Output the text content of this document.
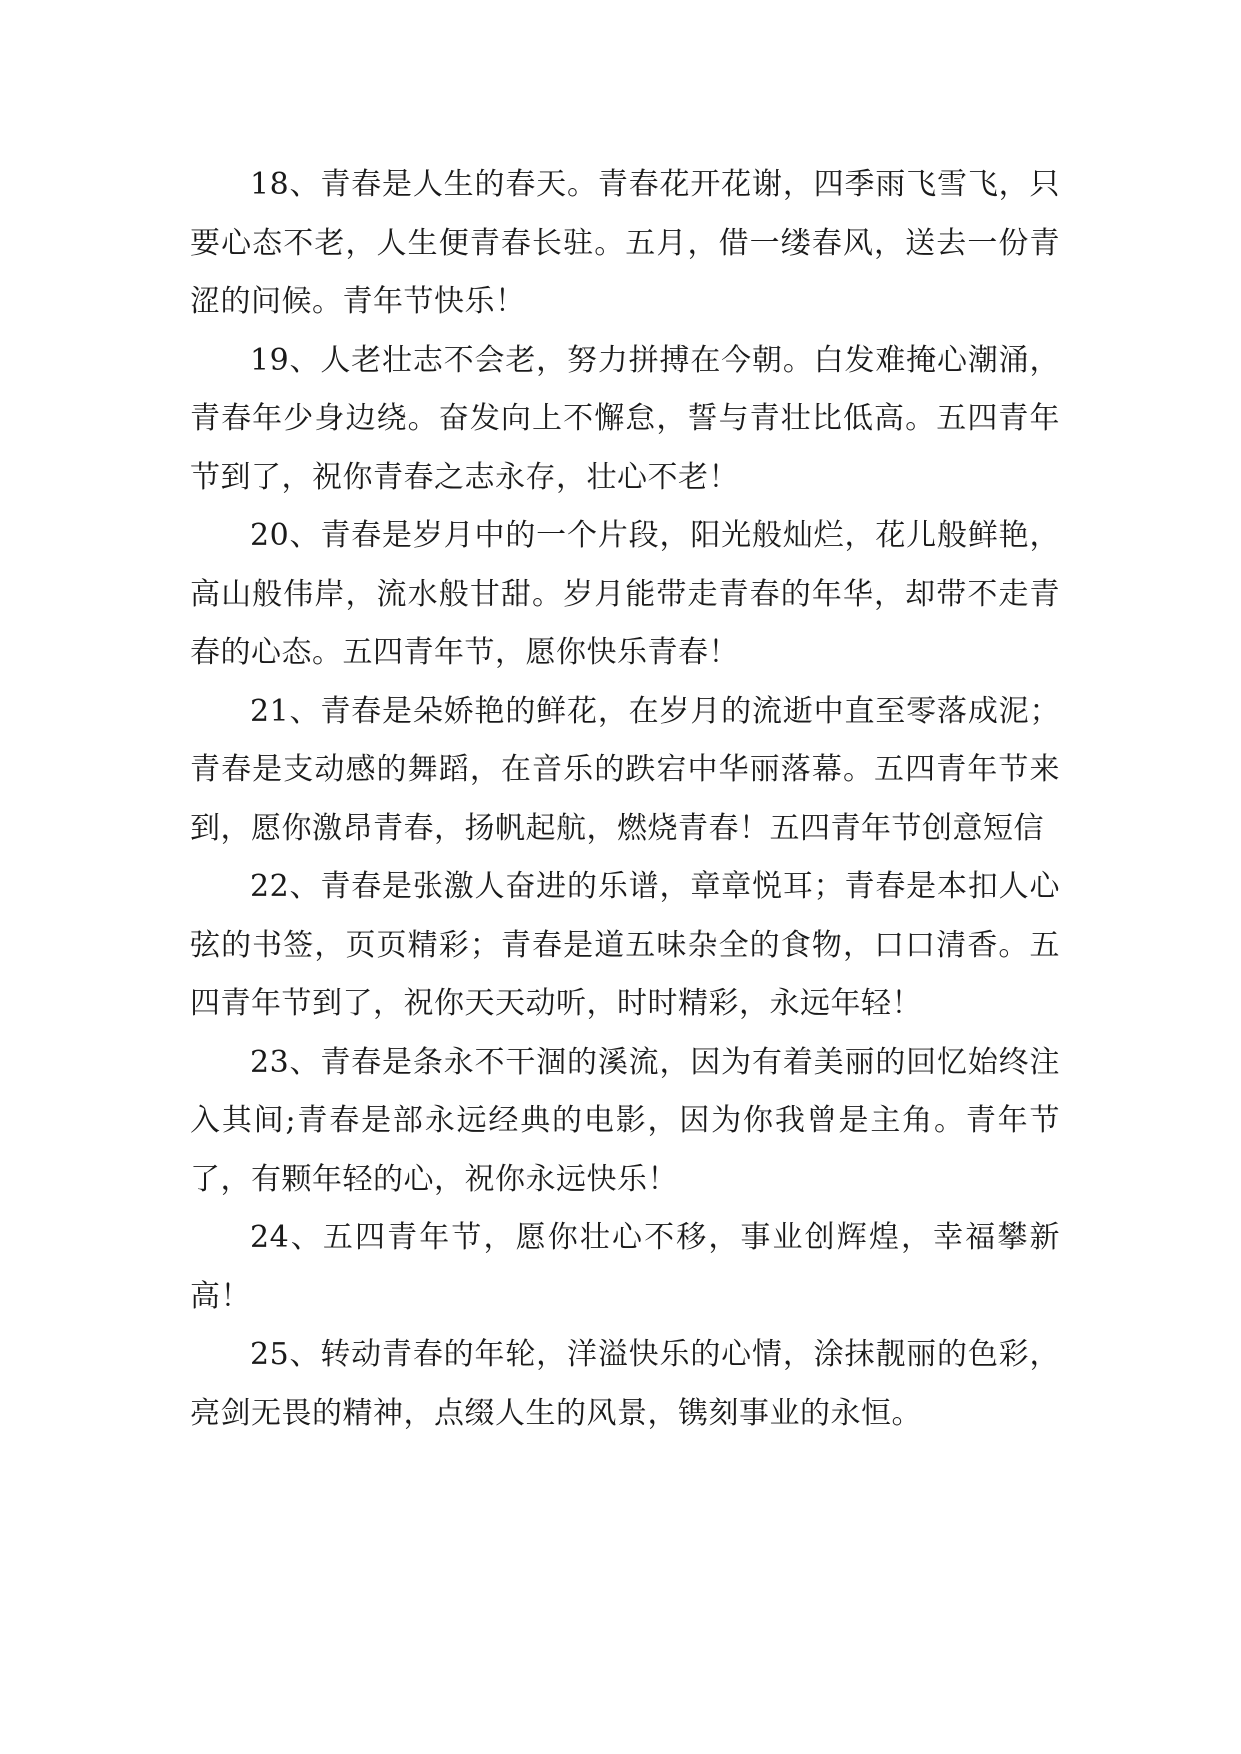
18、青春是人生的春天。青春花开花谢，四季雨飞雪飞，只要心态不老，人生便青春长驻。五月，借一缕春风，送去一份青涩的问候。青年节快乐！

19、人老壮志不会老，努力拼搏在今朝。白发难掩心潮涌，青春年少身边绕。奋发向上不懈怠，誓与青壮比低高。五四青年节到了，祝你青春之志永存，壮心不老！

20、青春是岁月中的一个片段，阳光般灿烂，花儿般鲜艳，高山般伟岸，流水般甘甜。岁月能带走青春的年华，却带不走青春的心态。五四青年节，愿你快乐青春！

21、青春是朵娇艳的鲜花，在岁月的流逝中直至零落成泥；青春是支动感的舞蹈，在音乐的跌宕中华丽落幕。五四青年节来到，愿你激昂青春，扬帆起航，燃烧青春！五四青年节创意短信

22、青春是张激人奋进的乐谱，章章悦耳；青春是本扣人心弦的书签，页页精彩；青春是道五味杂全的食物，口口清香。五四青年节到了，祝你天天动听，时时精彩，永远年轻！

23、青春是条永不干涸的溪流，因为有着美丽的回忆始终注入其间;青春是部永远经典的电影，因为你我曾是主角。青年节了，有颗年轻的心，祝你永远快乐！

24、五四青年节，愿你壮心不移，事业创辉煌，幸福攀新高！

25、转动青春的年轮，洋溢快乐的心情，涂抹靓丽的色彩，亮剑无畏的精神，点缀人生的风景，镌刻事业的永恒。
